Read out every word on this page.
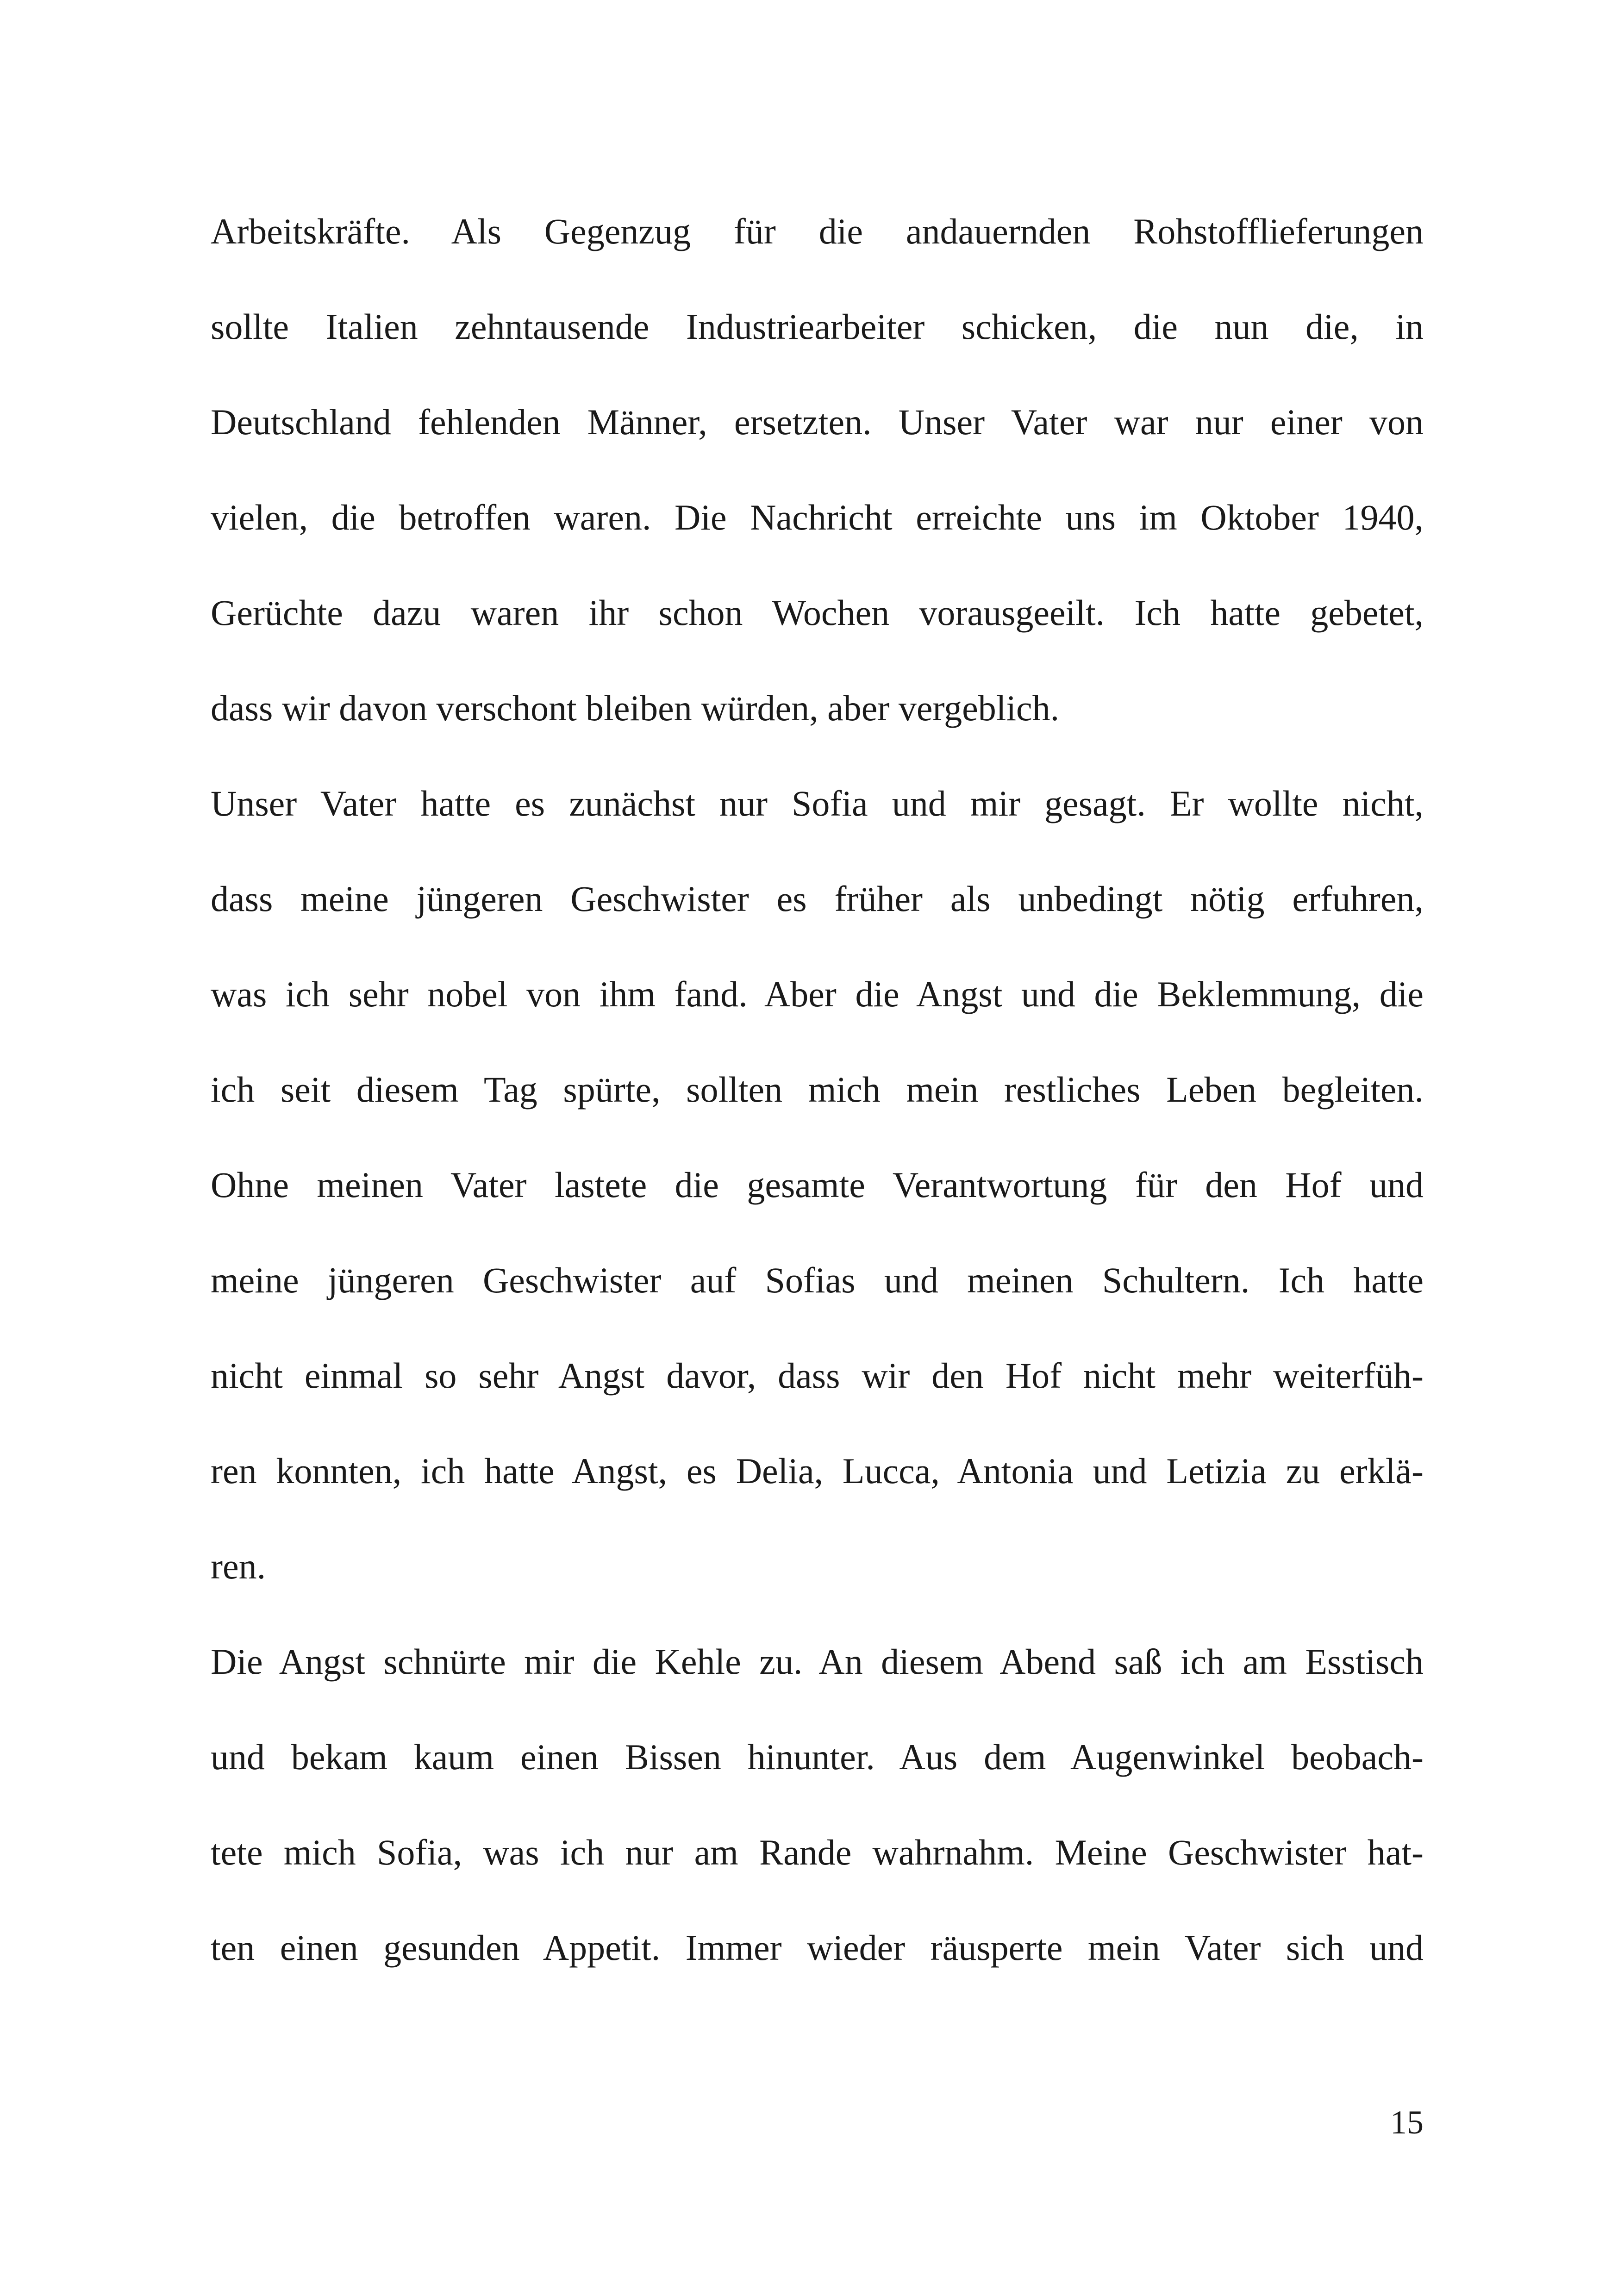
Arbeitskräfte. Als Gegenzug für die andauernden Rohstofflieferungen
sollte Italien zehntausende Industriearbeiter schicken, die nun die, in
Deutschland fehlenden Männer, ersetzten. Unser Vater war nur einer von
vielen, die betroffen waren. Die Nachricht erreichte uns im Oktober 1940,
Gerüchte dazu waren ihr schon Wochen vorausgeeilt. Ich hatte gebetet,
dass wir davon verschont bleiben würden, aber vergeblich.
Unser Vater hatte es zunächst nur Sofia und mir gesagt. Er wollte nicht,
dass meine jüngeren Geschwister es früher als unbedingt nötig erfuhren,
was ich sehr nobel von ihm fand. Aber die Angst und die Beklemmung, die
ich seit diesem Tag spürte, sollten mich mein restliches Leben begleiten.
Ohne meinen Vater lastete die gesamte Verantwortung für den Hof und
meine jüngeren Geschwister auf Sofias und meinen Schultern. Ich hatte
nicht einmal so sehr Angst davor, dass wir den Hof nicht mehr weiterfüh-
ren konnten, ich hatte Angst, es Delia, Lucca, Antonia und Letizia zu erklä-
ren.
Die Angst schnürte mir die Kehle zu. An diesem Abend saß ich am Esstisch
und bekam kaum einen Bissen hinunter. Aus dem Augenwinkel beobach-
tete mich Sofia, was ich nur am Rande wahrnahm. Meine Geschwister hat-
ten einen gesunden Appetit. Immer wieder räusperte mein Vater sich und
15
